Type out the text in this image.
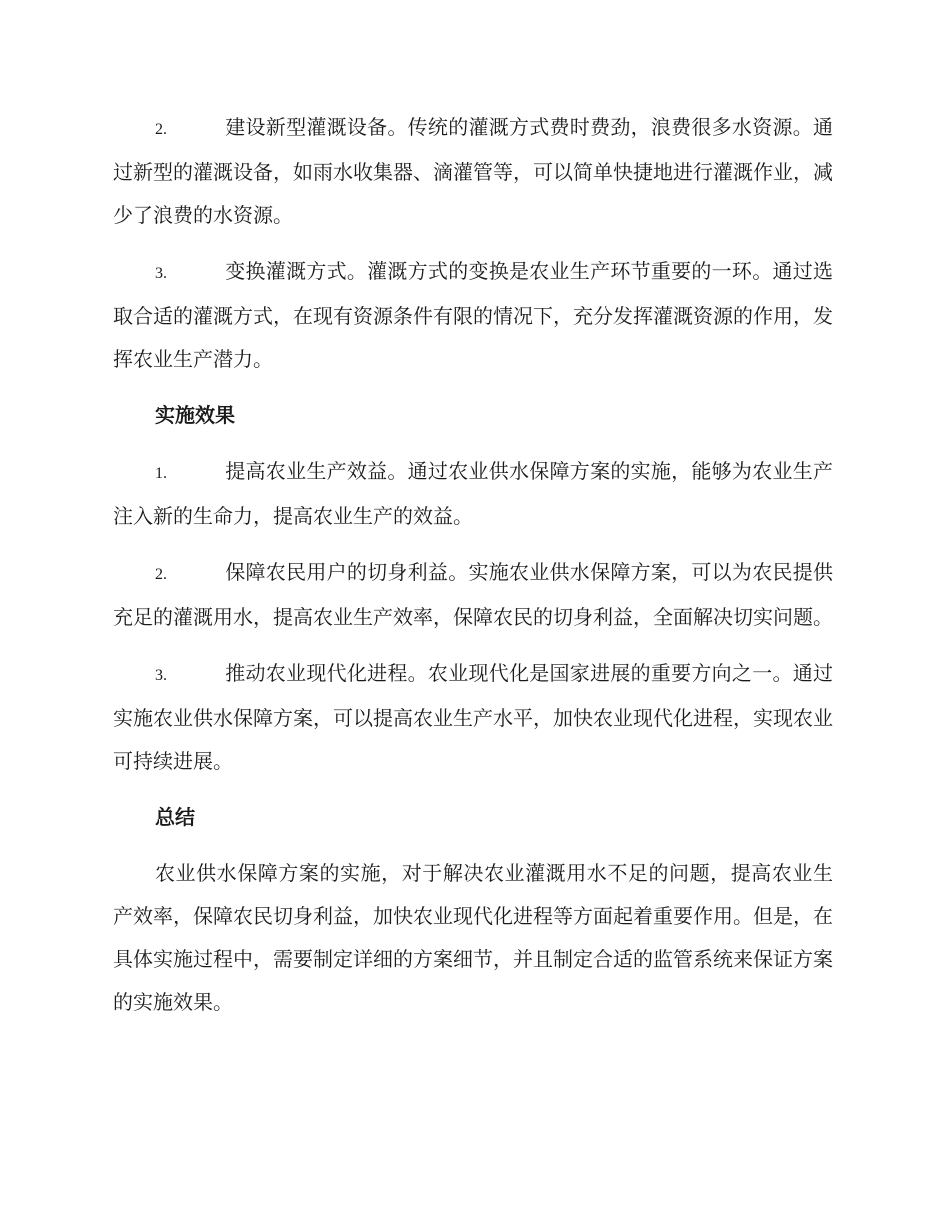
2.	建设新型灌溉设备。传统的灌溉方式费时费劲，浪费很多水资源。通过新型的灌溉设备，如雨水收集器、滴灌管等，可以简单快捷地进行灌溉作业，减少了浪费的水资源。

3.	变换灌溉方式。灌溉方式的变换是农业生产环节重要的一环。通过选取合适的灌溉方式，在现有资源条件有限的情况下，充分发挥灌溉资源的作用，发挥农业生产潜力。

实施效果

1.	提高农业生产效益。通过农业供水保障方案的实施，能够为农业生产注入新的生命力，提高农业生产的效益。

2.	保障农民用户的切身利益。实施农业供水保障方案，可以为农民提供充足的灌溉用水，提高农业生产效率，保障农民的切身利益，全面解决切实问题。

3.	推动农业现代化进程。农业现代化是国家进展的重要方向之一。通过实施农业供水保障方案，可以提高农业生产水平，加快农业现代化进程，实现农业可持续进展。

总结

农业供水保障方案的实施，对于解决农业灌溉用水不足的问题，提高农业生产效率，保障农民切身利益，加快农业现代化进程等方面起着重要作用。但是，在具体实施过程中，需要制定详细的方案细节，并且制定合适的监管系统来保证方案的实施效果。
